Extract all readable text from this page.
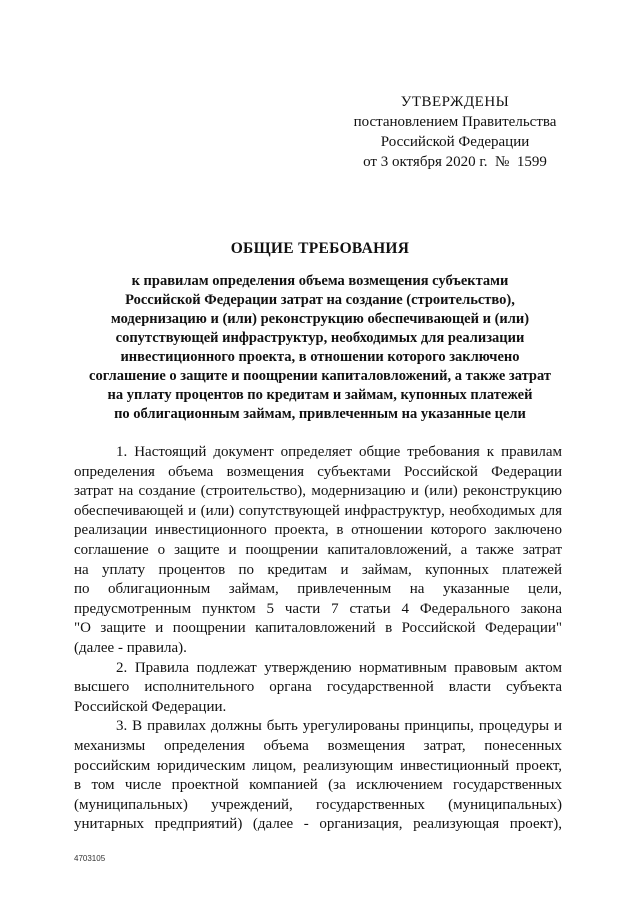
УТВЕРЖДЕНЫ
постановлением Правительства
Российской Федерации
от 3 октября 2020 г.  №  1599
ОБЩИЕ ТРЕБОВАНИЯ
к правилам определения объема возмещения субъектами
Российской Федерации затрат на создание (строительство),
модернизацию и (или) реконструкцию обеспечивающей и (или)
сопутствующей инфраструктур, необходимых для реализации
инвестиционного проекта, в отношении которого заключено
соглашение о защите и поощрении капиталовложений, а также затрат
на уплату процентов по кредитам и займам, купонных платежей
по облигационным займам, привлеченным на указанные цели
1. Настоящий документ определяет общие требования к правилам
определения объема возмещения субъектами Российской Федерации
затрат на создание (строительство), модернизацию и (или) реконструкцию
обеспечивающей и (или) сопутствующей инфраструктур, необходимых для
реализации инвестиционного проекта, в отношении которого заключено
соглашение о защите и поощрении капиталовложений, а также затрат
на уплату процентов по кредитам и займам, купонных платежей
по облигационным займам, привлеченным на указанные цели,
предусмотренным пунктом 5 части 7 статьи 4 Федерального закона
"О защите и поощрении капиталовложений в Российской Федерации"
(далее - правила).
2. Правила подлежат утверждению нормативным правовым актом
высшего исполнительного органа государственной власти субъекта
Российской Федерации.
3. В правилах должны быть урегулированы принципы, процедуры и
механизмы определения объема возмещения затрат, понесенных
российским юридическим лицом, реализующим инвестиционный проект,
в том числе проектной компанией (за исключением государственных
(муниципальных) учреждений, государственных (муниципальных)
унитарных предприятий) (далее - организация, реализующая проект),
4703105
